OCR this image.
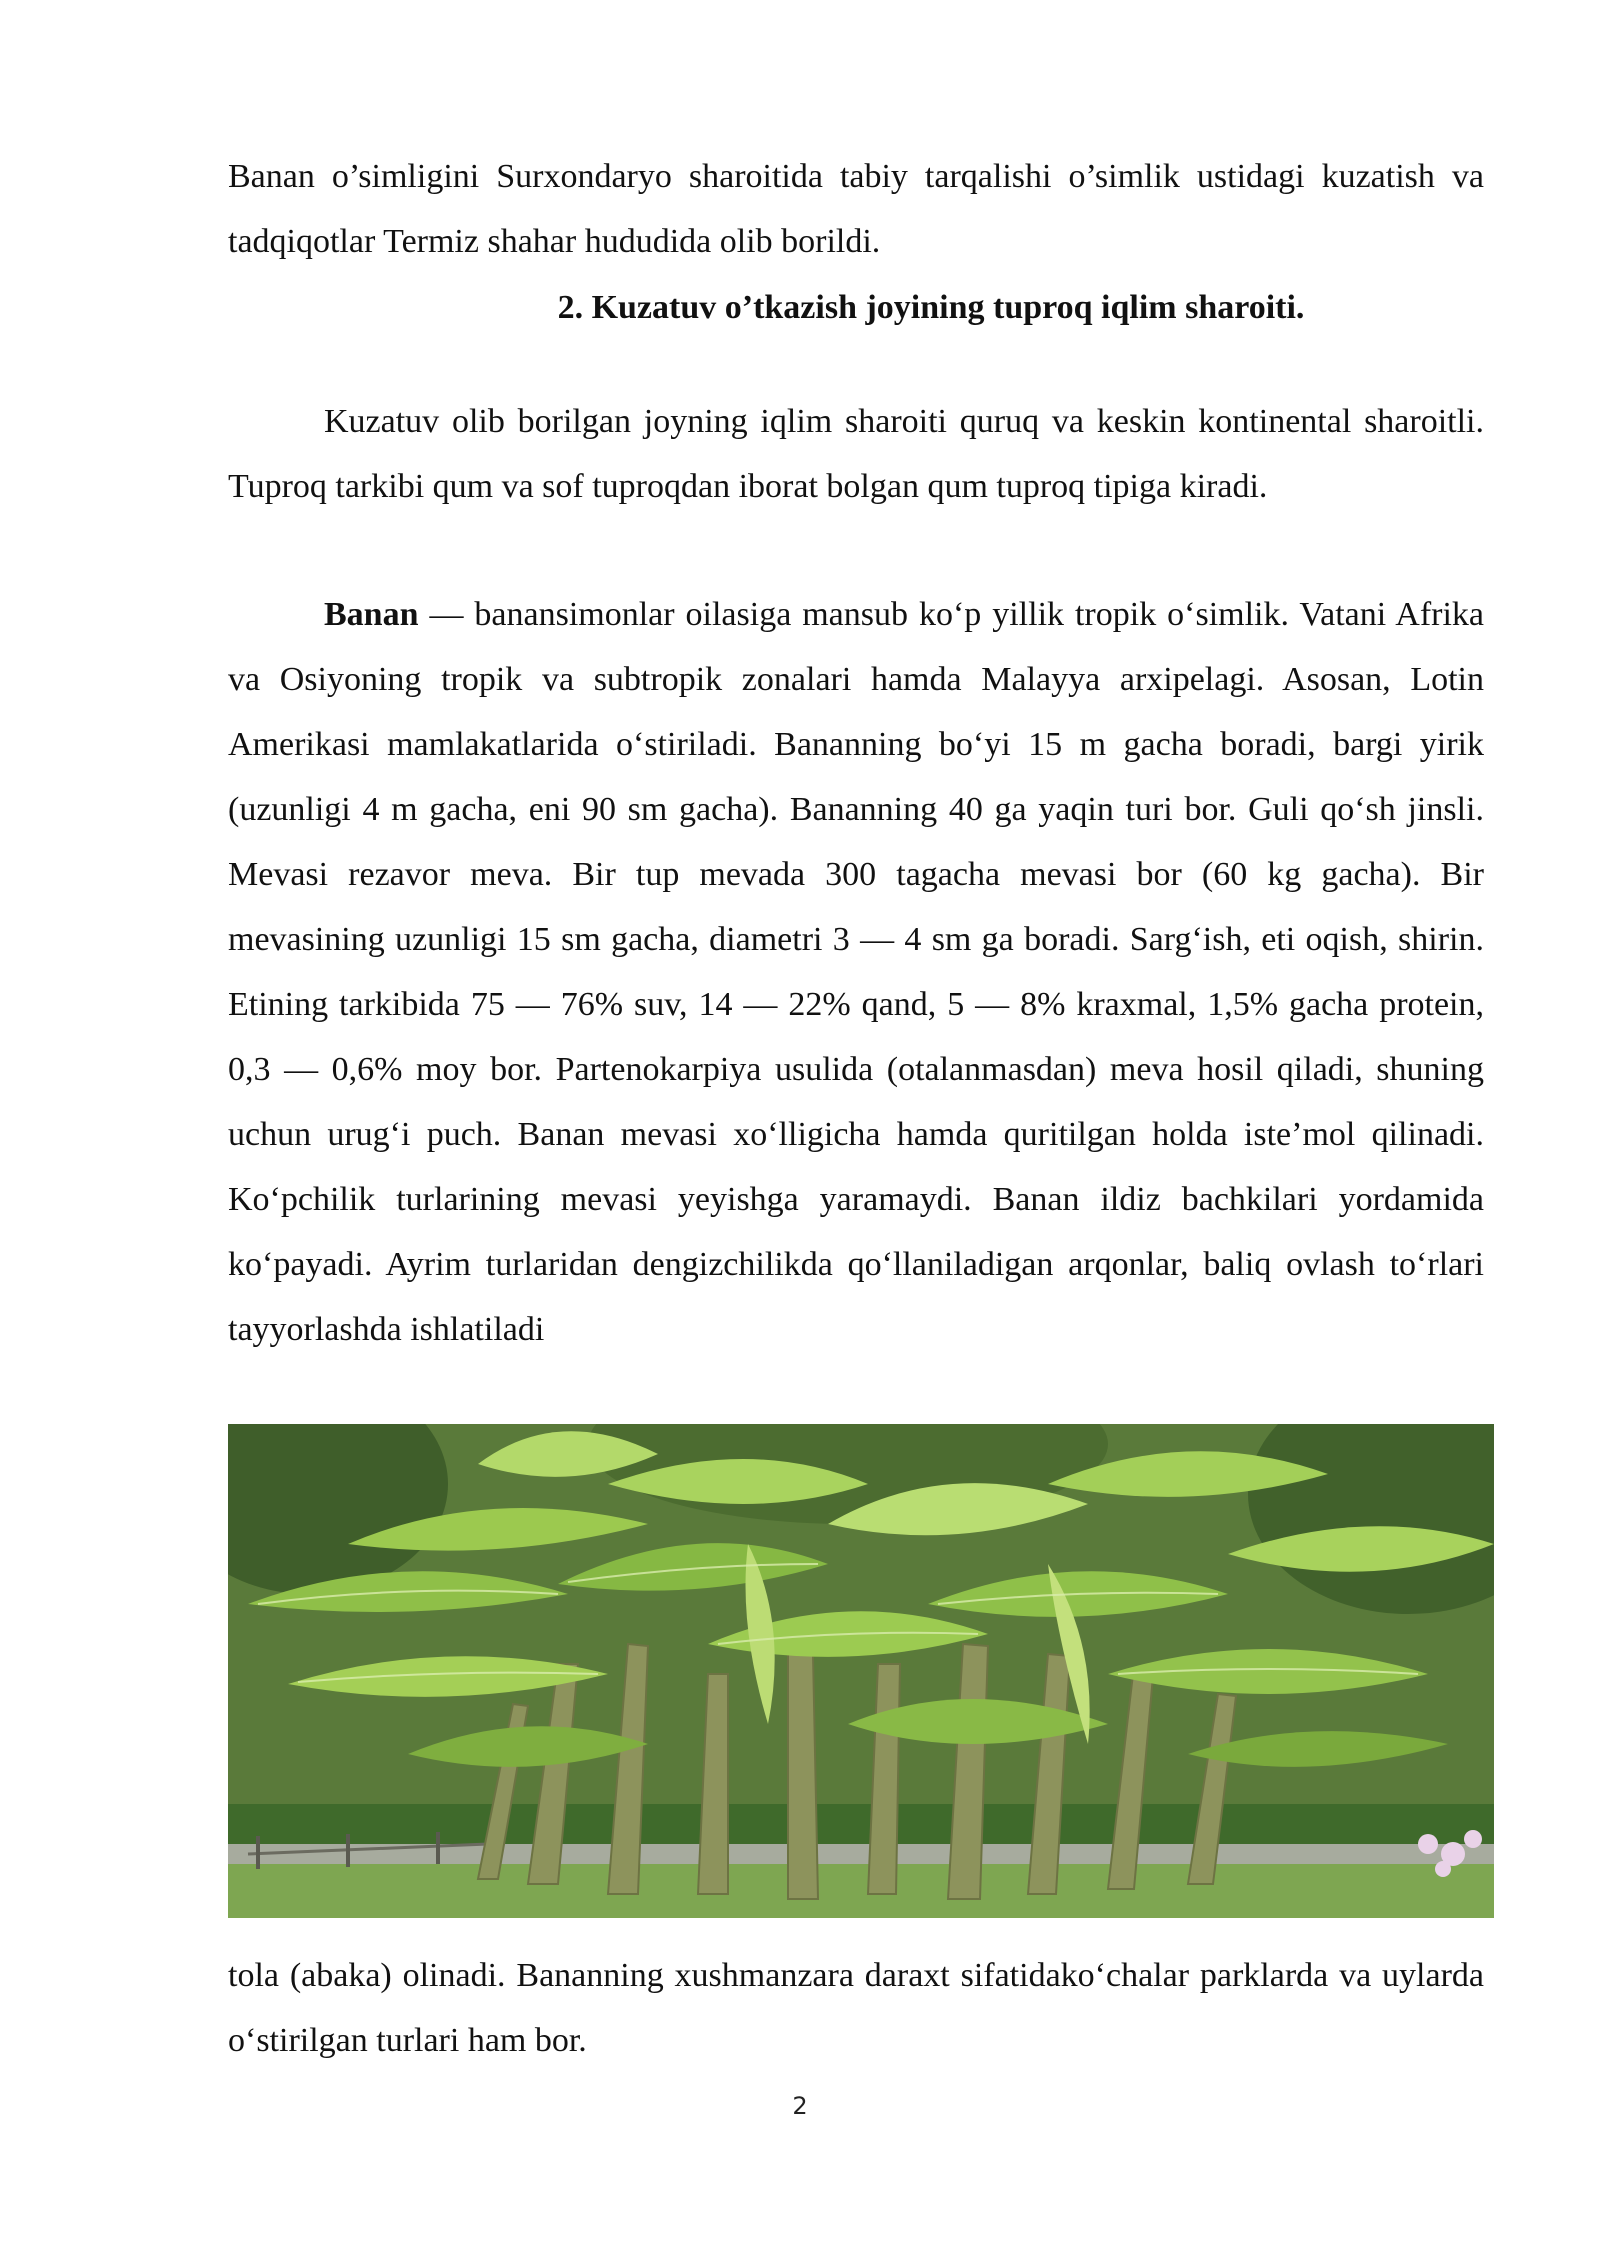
Banan o’simligini Surxondaryo sharoitida tabiy tarqalishi o’simlik ustidagi kuzatish va tadqiqotlar Termiz shahar hududida olib borildi.

2. Kuzatuv o’tkazish joyining tuproq iqlim sharoiti.

Kuzatuv olib borilgan joyning iqlim sharoiti quruq va keskin kontinental sharoitli. Tuproq tarkibi qum va sof tuproqdan iborat bolgan qum tuproq tipiga kiradi.

Banan — banansimonlar oilasiga mansub ko‘p yillik tropik o‘simlik. Vatani Afrika va Osiyoning tropik va subtropik zonalari hamda Malayya arxipelagi. Asosan, Lotin Amerikasi mamlakatlarida o‘stiriladi. Bananning bo‘yi 15 m gacha boradi, bargi yirik (uzunligi 4 m gacha, eni 90 sm gacha). Bananning 40 ga yaqin turi bor. Guli qo‘sh jinsli. Mevasi rezavor meva. Bir tup mevada 300 tagacha mevasi bor (60 kg gacha). Bir mevasining uzunligi 15 sm gacha, diametri 3 — 4 sm ga boradi. Sarg‘ish, eti oqish, shirin. Etining tarkibida 75 — 76% suv, 14 — 22% qand, 5 — 8% kraxmal, 1,5% gacha protein, 0,3 — 0,6% moy bor. Partenokarpiya usulida (otalanmasdan) meva hosil qiladi, shuning uchun urug‘i puch. Banan mevasi xo‘lligicha hamda quritilgan holda iste’mol qilinadi. Ko‘pchilik turlarining mevasi yeyishga yaramaydi. Banan ildiz bachkilari yordamida ko‘payadi. Ayrim turlaridan dengizchilikda qo‘llaniladigan arqonlar, baliq ovlash to‘rlari tayyorlashda ishlatiladi

tola (abaka) olinadi. Bananning xushmanzara daraxt sifatidako‘chalar parklarda va uylarda o‘stirilgan turlari ham bor.

2
